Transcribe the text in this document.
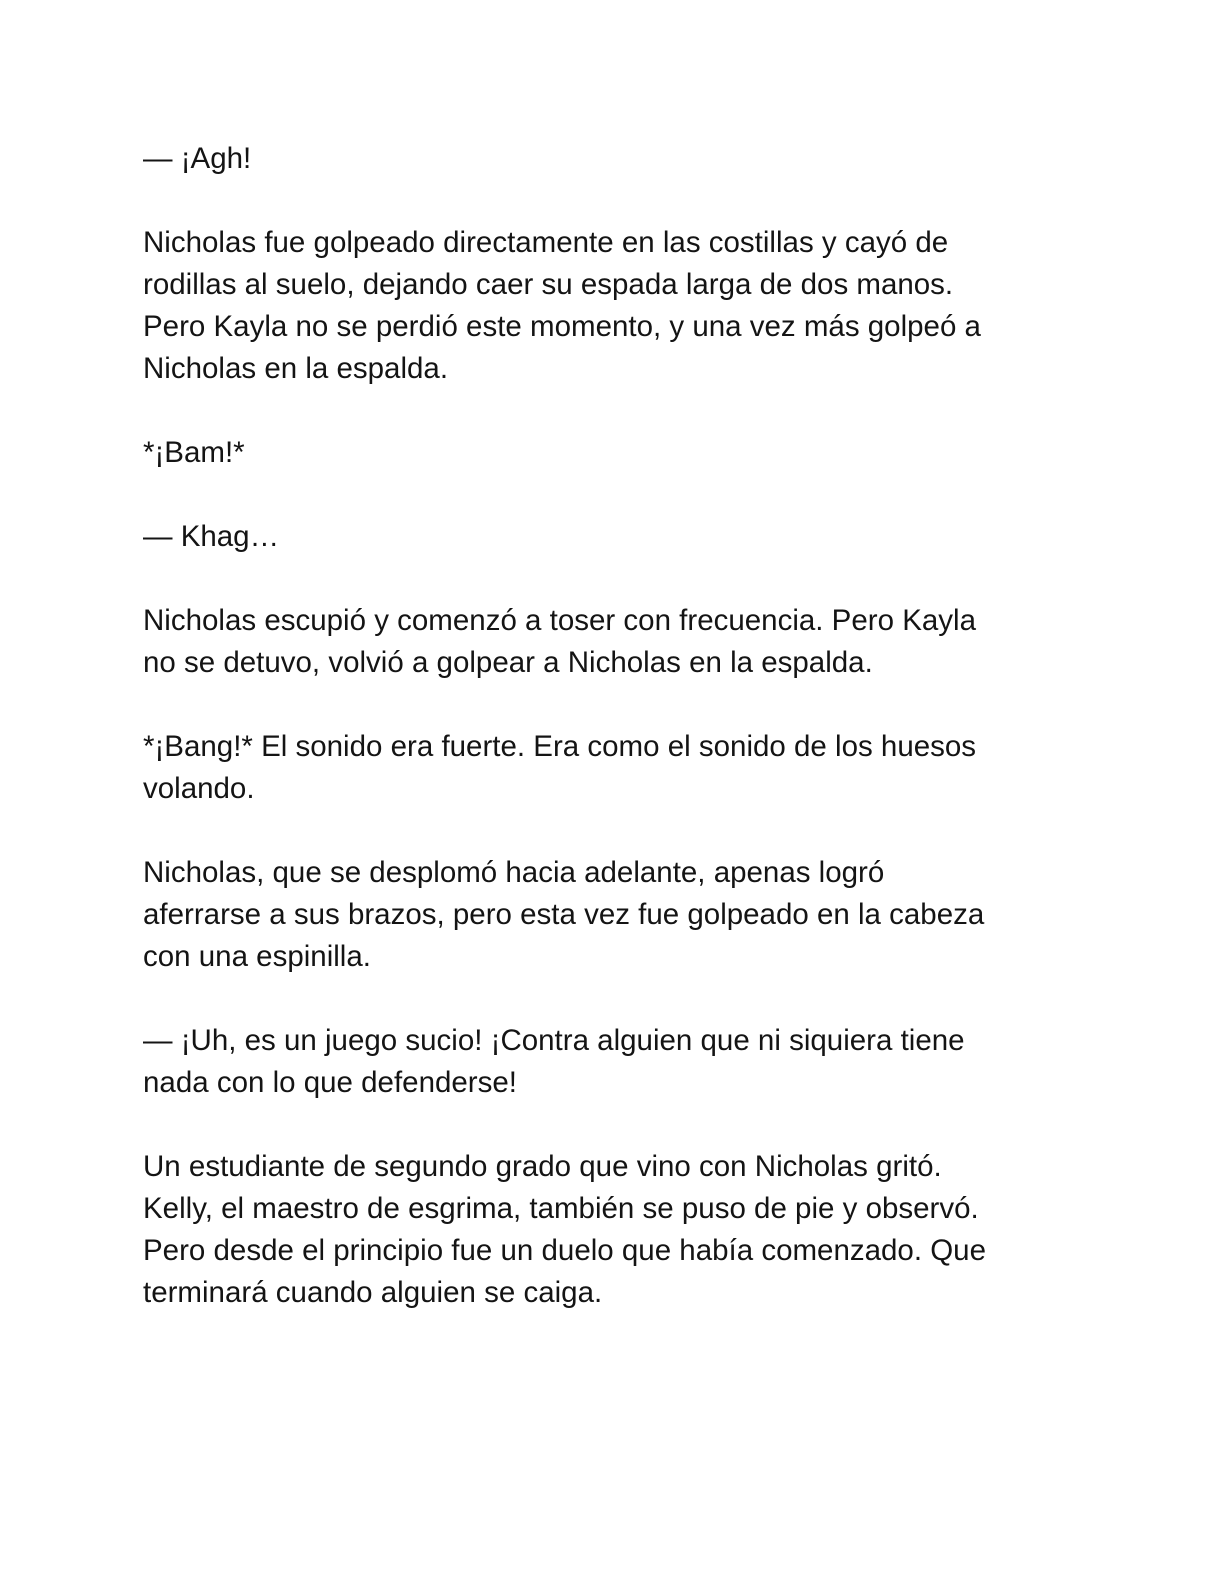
— ¡Agh!

Nicholas fue golpeado directamente en las costillas y cayó de
rodillas al suelo, dejando caer su espada larga de dos manos.
Pero Kayla no se perdió este momento, y una vez más golpeó a
Nicholas en la espalda.

*¡Bam!*

— Khag…

Nicholas escupió y comenzó a toser con frecuencia. Pero Kayla
no se detuvo, volvió a golpear a Nicholas en la espalda.

*¡Bang!* El sonido era fuerte. Era como el sonido de los huesos
volando.

Nicholas, que se desplomó hacia adelante, apenas logró
aferrarse a sus brazos, pero esta vez fue golpeado en la cabeza
con una espinilla.

— ¡Uh, es un juego sucio! ¡Contra alguien que ni siquiera tiene
nada con lo que defenderse!

Un estudiante de segundo grado que vino con Nicholas gritó.
Kelly, el maestro de esgrima, también se puso de pie y observó.
Pero desde el principio fue un duelo que había comenzado. Que
terminará cuando alguien se caiga.
